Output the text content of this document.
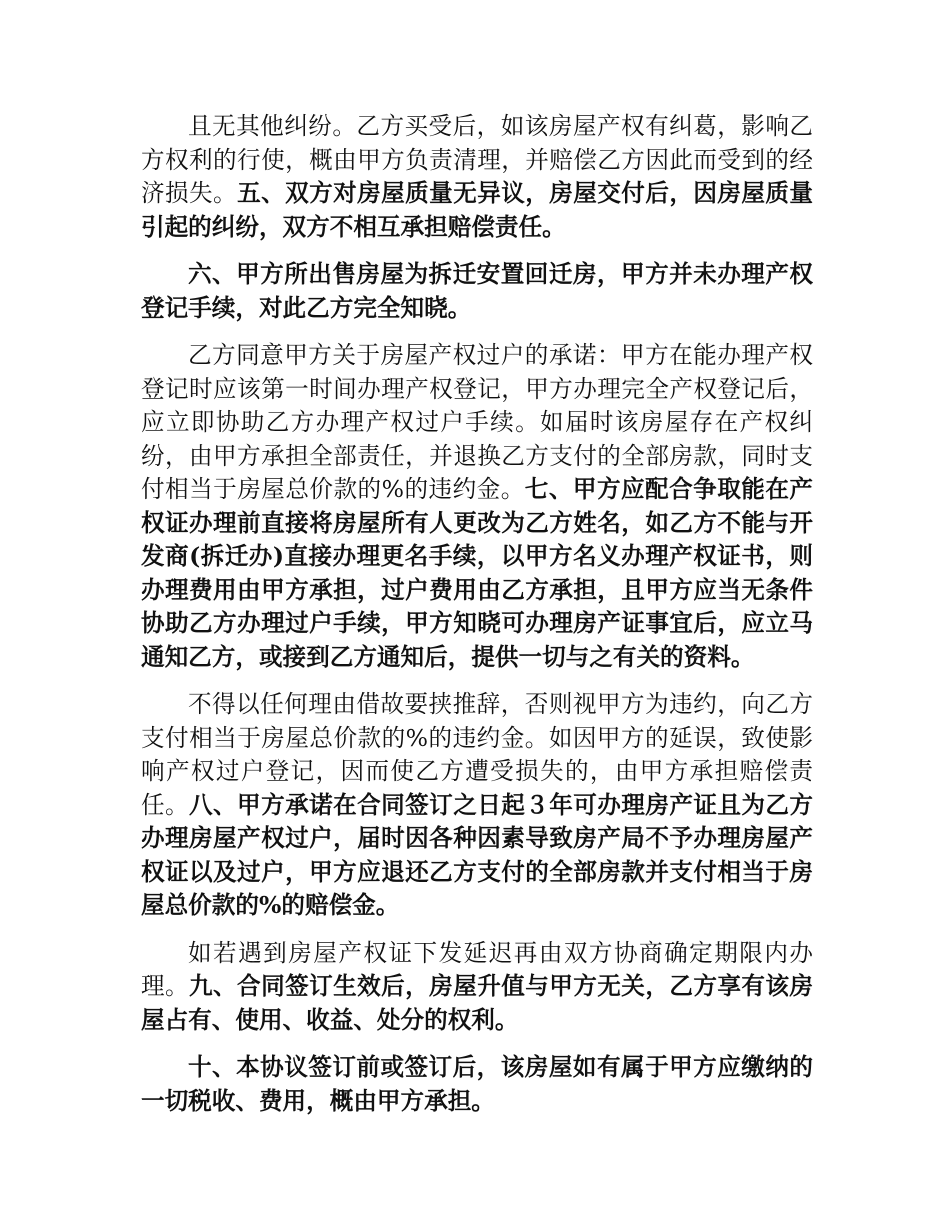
且无其他纠纷。乙方买受后，如该房屋产权有纠葛，影响乙方权利的行使，概由甲方负责清理，并赔偿乙方因此而受到的经济损失。五、双方对房屋质量无异议，房屋交付后，因房屋质量引起的纠纷，双方不相互承担赔偿责任。

六、甲方所出售房屋为拆迁安置回迁房，甲方并未办理产权登记手续，对此乙方完全知晓。

乙方同意甲方关于房屋产权过户的承诺：甲方在能办理产权登记时应该第一时间办理产权登记，甲方办理完全产权登记后，应立即协助乙方办理产权过户手续。如届时该房屋存在产权纠纷，由甲方承担全部责任，并退换乙方支付的全部房款，同时支付相当于房屋总价款的%的违约金。七、甲方应配合争取能在产权证办理前直接将房屋所有人更改为乙方姓名，如乙方不能与开发商(拆迁办)直接办理更名手续，以甲方名义办理产权证书，则办理费用由甲方承担，过户费用由乙方承担，且甲方应当无条件协助乙方办理过户手续，甲方知晓可办理房产证事宜后，应立马通知乙方，或接到乙方通知后，提供一切与之有关的资料。

不得以任何理由借故要挟推辞，否则视甲方为违约，向乙方支付相当于房屋总价款的%的违约金。如因甲方的延误，致使影响产权过户登记，因而使乙方遭受损失的，由甲方承担赔偿责任。八、甲方承诺在合同签订之日起３年可办理房产证且为乙方办理房屋产权过户，届时因各种因素导致房产局不予办理房屋产权证以及过户，甲方应退还乙方支付的全部房款并支付相当于房屋总价款的%的赔偿金。

如若遇到房屋产权证下发延迟再由双方协商确定期限内办理。九、合同签订生效后，房屋升值与甲方无关，乙方享有该房屋占有、使用、收益、处分的权利。

十、本协议签订前或签订后，该房屋如有属于甲方应缴纳的一切税收、费用，概由甲方承担。
